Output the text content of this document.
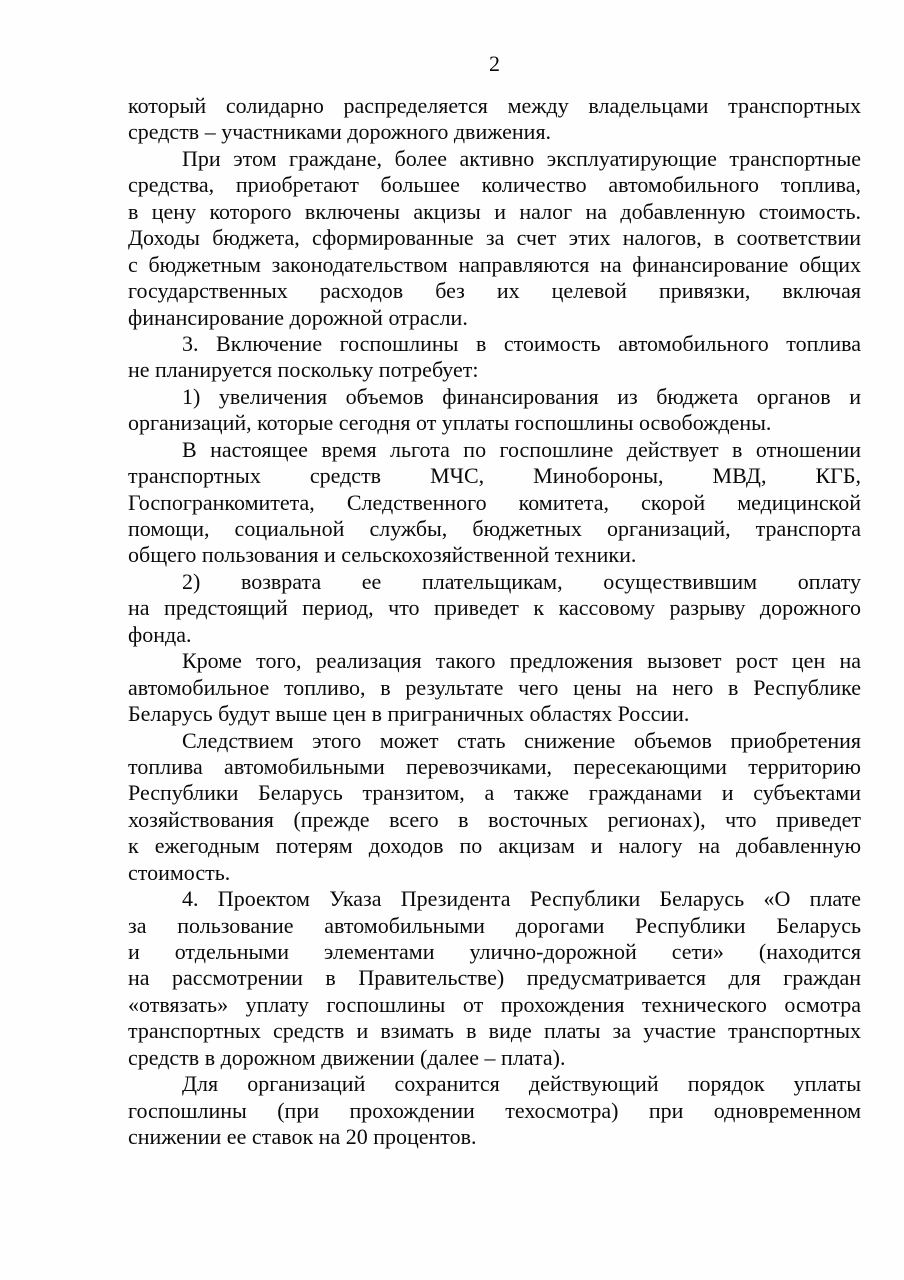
2

который солидарно распределяется между владельцами транспортных
средств – участниками дорожного движения.

При этом граждане, более активно эксплуатирующие транспортные
средства, приобретают большее количество автомобильного топлива,
в цену которого включены акцизы и налог на добавленную стоимость.
Доходы бюджета, сформированные за счет этих налогов, в соответствии
с бюджетным законодательством направляются на финансирование общих
государственных расходов без их целевой привязки, включая
финансирование дорожной отрасли.

3. Включение госпошлины в стоимость автомобильного топлива
не планируется поскольку потребует:

1) увеличения объемов финансирования из бюджета органов и
организаций, которые сегодня от уплаты госпошлины освобождены.

В настоящее время льгота по госпошлине действует в отношении
транспортных средств МЧС, Минобороны, МВД, КГБ,
Госпогранкомитета, Следственного комитета, скорой медицинской
помощи, социальной службы, бюджетных организаций, транспорта
общего пользования и сельскохозяйственной техники.

2) возврата ее плательщикам, осуществившим оплату
на предстоящий период, что приведет к кассовому разрыву дорожного
фонда.

Кроме того, реализация такого предложения вызовет рост цен на
автомобильное топливо, в результате чего цены на него в Республике
Беларусь будут выше цен в приграничных областях России.

Следствием этого может стать снижение объемов приобретения
топлива автомобильными перевозчиками, пересекающими территорию
Республики Беларусь транзитом, а также гражданами и субъектами
хозяйствования (прежде всего в восточных регионах), что приведет
к ежегодным потерям доходов по акцизам и налогу на добавленную
стоимость.

4. Проектом Указа Президента Республики Беларусь «О плате
за пользование автомобильными дорогами Республики Беларусь
и отдельными элементами улично-дорожной сети» (находится
на рассмотрении в Правительстве) предусматривается для граждан
«отвязать» уплату госпошлины от прохождения технического осмотра
транспортных средств и взимать в виде платы за участие транспортных
средств в дорожном движении (далее – плата).

Для организаций сохранится действующий порядок уплаты
госпошлины (при прохождении техосмотра) при одновременном
снижении ее ставок на 20 процентов.
